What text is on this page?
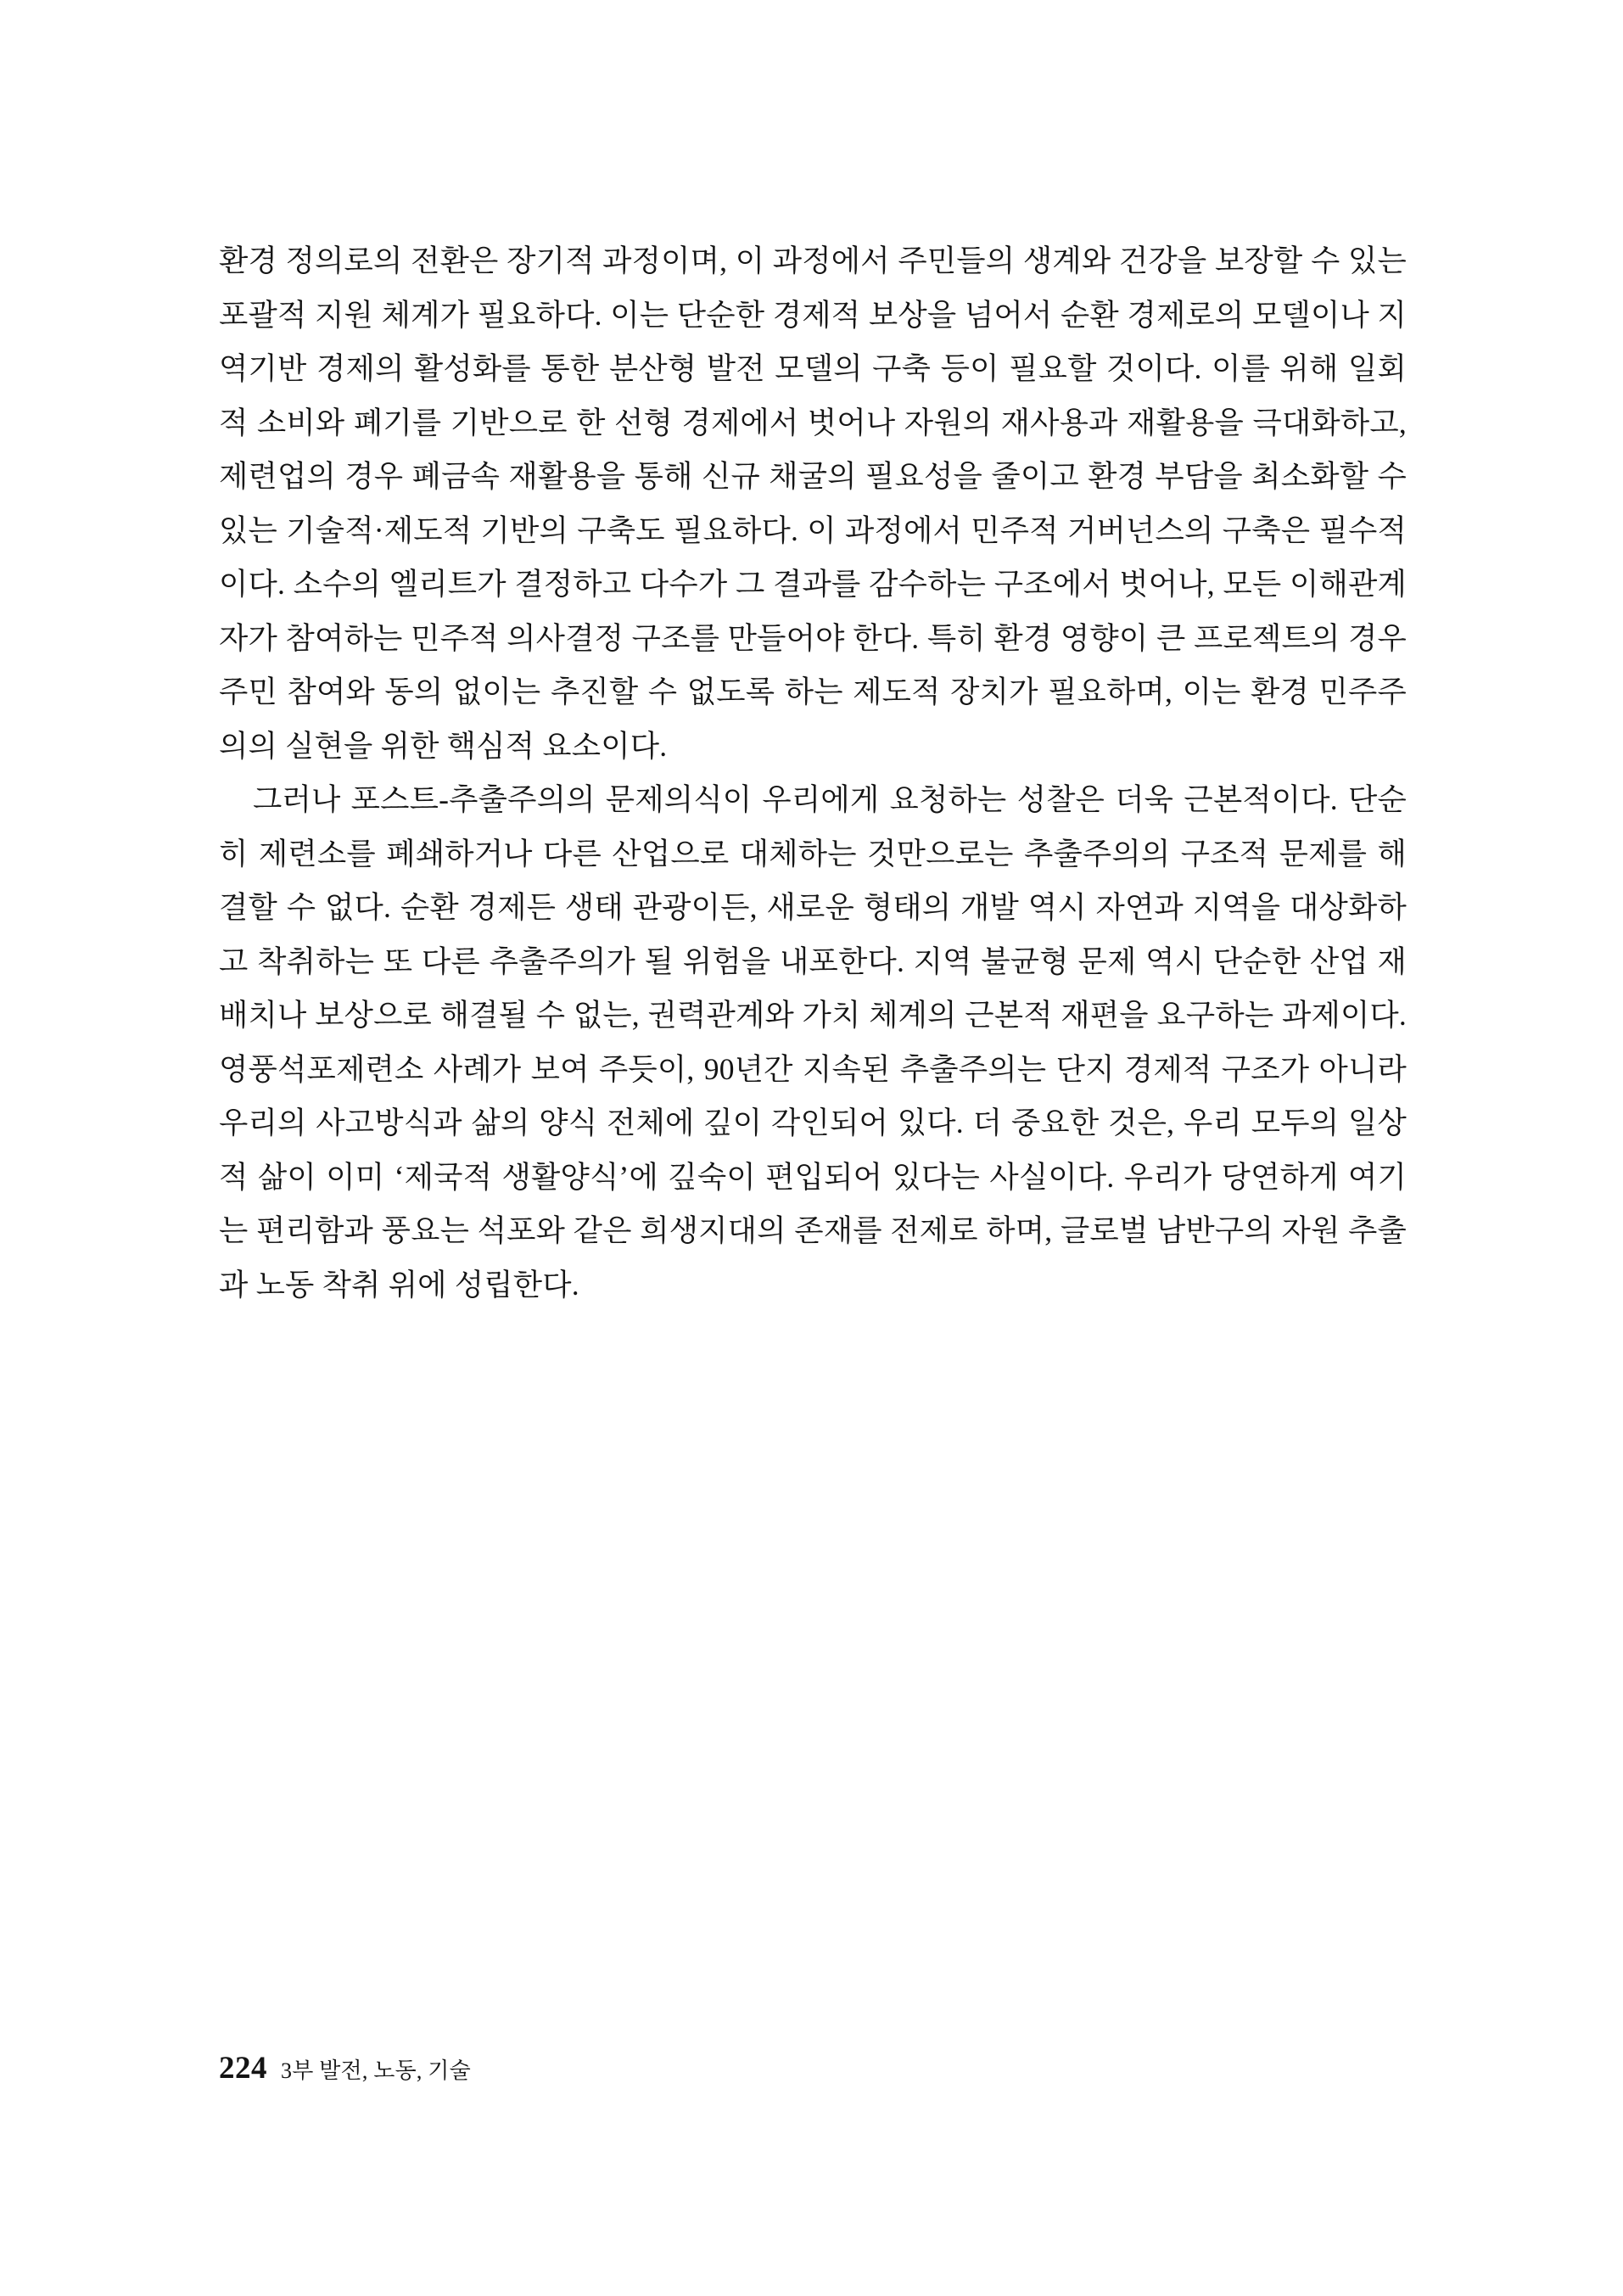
환경 정의로의 전환은 장기적 과정이며, 이 과정에서 주민들의 생계와 건강을 보장할 수 있는 포괄적 지원 체계가 필요하다. 이는 단순한 경제적 보상을 넘어서 순환 경제로의 모델이나 지역기반 경제의 활성화를 통한 분산형 발전 모델의 구축 등이 필요할 것이다. 이를 위해 일회적 소비와 폐기를 기반으로 한 선형 경제에서 벗어나 자원의 재사용과 재활용을 극대화하고, 제련업의 경우 폐금속 재활용을 통해 신규 채굴의 필요성을 줄이고 환경 부담을 최소화할 수 있는 기술적·제도적 기반의 구축도 필요하다. 이 과정에서 민주적 거버넌스의 구축은 필수적이다. 소수의 엘리트가 결정하고 다수가 그 결과를 감수하는 구조에서 벗어나, 모든 이해관계자가 참여하는 민주적 의사결정 구조를 만들어야 한다. 특히 환경 영향이 큰 프로젝트의 경우 주민 참여와 동의 없이는 추진할 수 없도록 하는 제도적 장치가 필요하며, 이는 환경 민주주의의 실현을 위한 핵심적 요소이다.

그러나 포스트-추출주의의 문제의식이 우리에게 요청하는 성찰은 더욱 근본적이다. 단순히 제련소를 폐쇄하거나 다른 산업으로 대체하는 것만으로는 추출주의의 구조적 문제를 해결할 수 없다. 순환 경제든 생태 관광이든, 새로운 형태의 개발 역시 자연과 지역을 대상화하고 착취하는 또 다른 추출주의가 될 위험을 내포한다. 지역 불균형 문제 역시 단순한 산업 재배치나 보상으로 해결될 수 없는, 권력관계와 가치 체계의 근본적 재편을 요구하는 과제이다. 영풍석포제련소 사례가 보여 주듯이, 90년간 지속된 추출주의는 단지 경제적 구조가 아니라 우리의 사고방식과 삶의 양식 전체에 깊이 각인되어 있다. 더 중요한 것은, 우리 모두의 일상적 삶이 이미 ‘제국적 생활양식’에 깊숙이 편입되어 있다는 사실이다. 우리가 당연하게 여기는 편리함과 풍요는 석포와 같은 희생지대의 존재를 전제로 하며, 글로벌 남반구의 자원 추출과 노동 착취 위에 성립한다.

224 3부 발전, 노동, 기술
